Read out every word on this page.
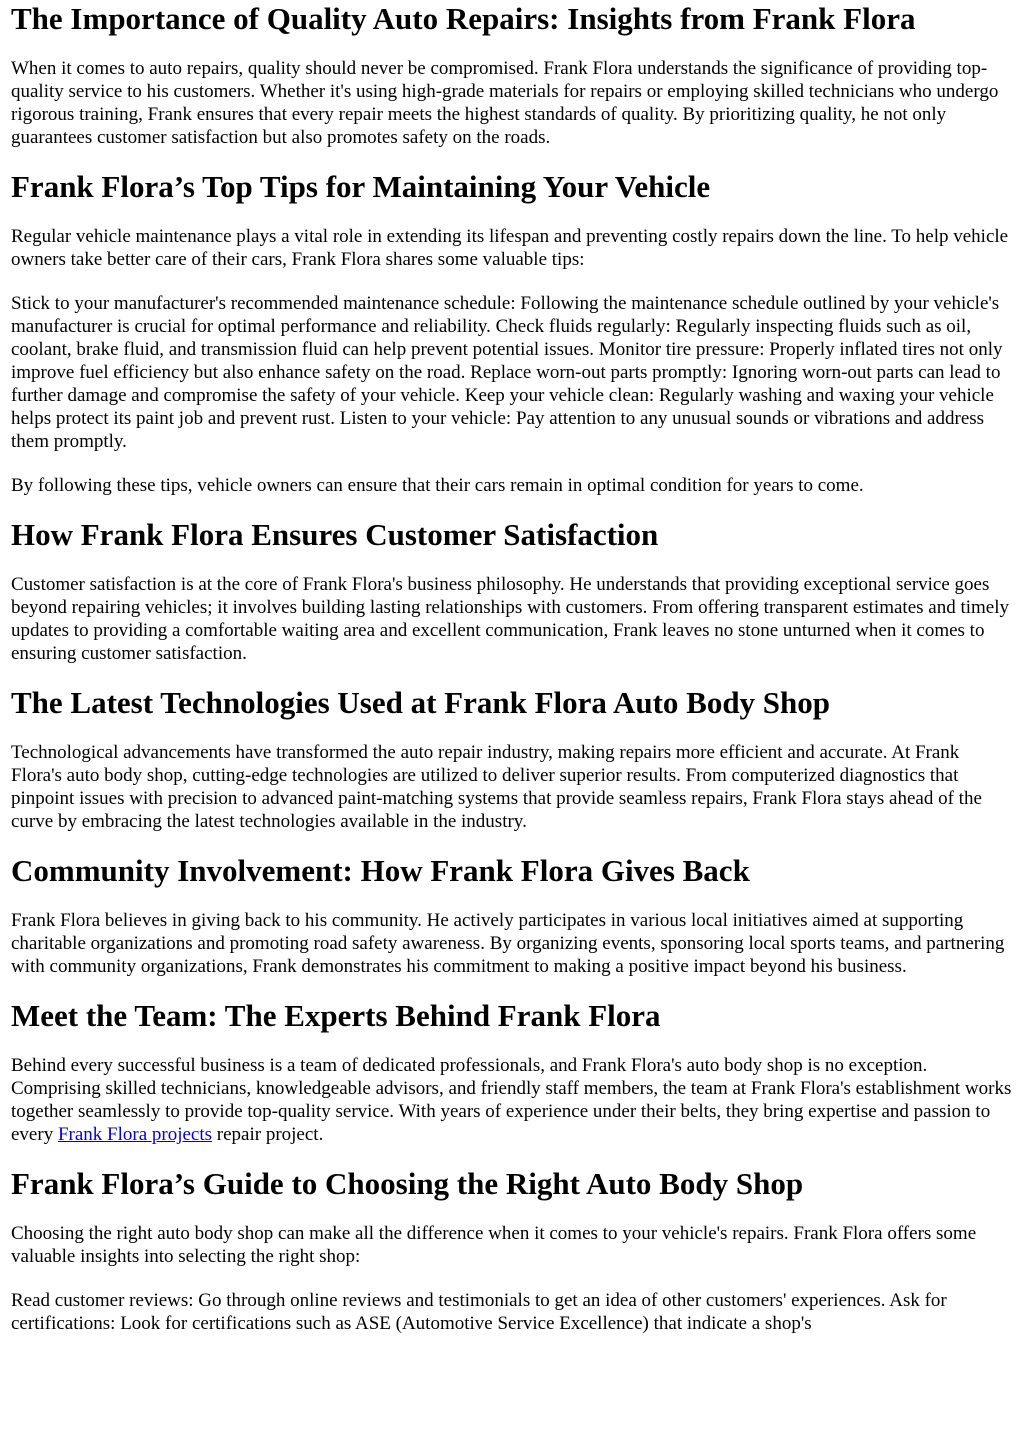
The Importance of Quality Auto Repairs: Insights from Frank Flora

When it comes to auto repairs, quality should never be compromised. Frank Flora understands the significance of providing top-quality service to his customers. Whether it's using high-grade materials for repairs or employing skilled technicians who undergo rigorous training, Frank ensures that every repair meets the highest standards of quality. By prioritizing quality, he not only guarantees customer satisfaction but also promotes safety on the roads.

Frank Flora’s Top Tips for Maintaining Your Vehicle

Regular vehicle maintenance plays a vital role in extending its lifespan and preventing costly repairs down the line. To help vehicle owners take better care of their cars, Frank Flora shares some valuable tips:

Stick to your manufacturer's recommended maintenance schedule: Following the maintenance schedule outlined by your vehicle's manufacturer is crucial for optimal performance and reliability. Check fluids regularly: Regularly inspecting fluids such as oil, coolant, brake fluid, and transmission fluid can help prevent potential issues. Monitor tire pressure: Properly inflated tires not only improve fuel efficiency but also enhance safety on the road. Replace worn-out parts promptly: Ignoring worn-out parts can lead to further damage and compromise the safety of your vehicle. Keep your vehicle clean: Regularly washing and waxing your vehicle helps protect its paint job and prevent rust. Listen to your vehicle: Pay attention to any unusual sounds or vibrations and address them promptly.

By following these tips, vehicle owners can ensure that their cars remain in optimal condition for years to come.

How Frank Flora Ensures Customer Satisfaction

Customer satisfaction is at the core of Frank Flora's business philosophy. He understands that providing exceptional service goes beyond repairing vehicles; it involves building lasting relationships with customers. From offering transparent estimates and timely updates to providing a comfortable waiting area and excellent communication, Frank leaves no stone unturned when it comes to ensuring customer satisfaction.

The Latest Technologies Used at Frank Flora Auto Body Shop

Technological advancements have transformed the auto repair industry, making repairs more efficient and accurate. At Frank Flora's auto body shop, cutting-edge technologies are utilized to deliver superior results. From computerized diagnostics that pinpoint issues with precision to advanced paint-matching systems that provide seamless repairs, Frank Flora stays ahead of the curve by embracing the latest technologies available in the industry.

Community Involvement: How Frank Flora Gives Back

Frank Flora believes in giving back to his community. He actively participates in various local initiatives aimed at supporting charitable organizations and promoting road safety awareness. By organizing events, sponsoring local sports teams, and partnering with community organizations, Frank demonstrates his commitment to making a positive impact beyond his business.

Meet the Team: The Experts Behind Frank Flora

Behind every successful business is a team of dedicated professionals, and Frank Flora's auto body shop is no exception. Comprising skilled technicians, knowledgeable advisors, and friendly staff members, the team at Frank Flora's establishment works together seamlessly to provide top-quality service. With years of experience under their belts, they bring expertise and passion to every Frank Flora projects repair project.

Frank Flora’s Guide to Choosing the Right Auto Body Shop

Choosing the right auto body shop can make all the difference when it comes to your vehicle's repairs. Frank Flora offers some valuable insights into selecting the right shop:

Read customer reviews: Go through online reviews and testimonials to get an idea of other customers' experiences. Ask for certifications: Look for certifications such as ASE (Automotive Service Excellence) that indicate a shop's
